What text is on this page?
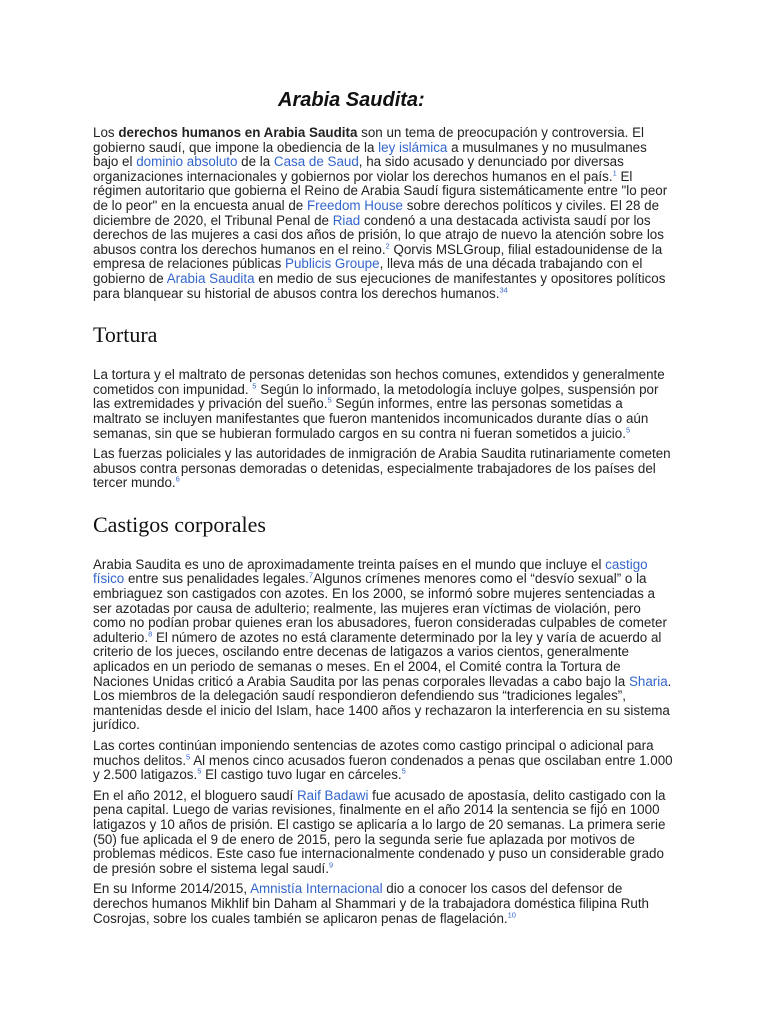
Arabia Saudita:

Los derechos humanos en Arabia Saudita son un tema de preocupación y controversia. El gobierno saudí, que impone la obediencia de la ley islámica a musulmanes y no musulmanes bajo el dominio absoluto de la Casa de Saud, ha sido acusado y denunciado por diversas organizaciones internacionales y gobiernos por violar los derechos humanos en el país.$^1$ El régimen autoritario que gobierna el Reino de Arabia Saudí figura sistemáticamente entre "lo peor de lo peor" en la encuesta anual de Freedom House sobre derechos políticos y civiles. El 28 de diciembre de 2020, el Tribunal Penal de Riad condenó a una destacada activista saudí por los derechos de las mujeres a casi dos años de prisión, lo que atrajo de nuevo la atención sobre los abusos contra los derechos humanos en el reino.$^2$ Qorvis MSLGroup, filial estadounidense de la empresa de relaciones públicas Publicis Groupe, lleva más de una década trabajando con el gobierno de Arabia Saudita en medio de sus ejecuciones de manifestantes y opositores políticos para blanquear su historial de abusos contra los derechos humanos.$^{34}$

Tortura

La tortura y el maltrato de personas detenidas son hechos comunes, extendidos y generalmente cometidos con impunidad. $^5$ Según lo informado, la metodología incluye golpes, suspensión por las extremidades y privación del sueño.$^5$ Según informes, entre las personas sometidas a maltrato se incluyen manifestantes que fueron mantenidos incomunicados durante días o aún semanas, sin que se hubieran formulado cargos en su contra ni fueran sometidos a juicio.$^5$

Las fuerzas policiales y las autoridades de inmigración de Arabia Saudita rutinariamente cometen abusos contra personas demoradas o detenidas, especialmente trabajadores de los países del tercer mundo.$^6$

Castigos corporales

Arabia Saudita es uno de aproximadamente treinta países en el mundo que incluye el castigo físico entre sus penalidades legales.$^7$Algunos crímenes menores como el “desvío sexual” o la embriaguez son castigados con azotes. En los 2000, se informó sobre mujeres sentenciadas a ser azotadas por causa de adulterio; realmente, las mujeres eran víctimas de violación, pero como no podían probar quienes eran los abusadores, fueron consideradas culpables de cometer adulterio.$^8$ El número de azotes no está claramente determinado por la ley y varía de acuerdo al criterio de los jueces, oscilando entre decenas de latigazos a varios cientos, generalmente aplicados en un periodo de semanas o meses. En el 2004, el Comité contra la Tortura de Naciones Unidas criticó a Arabia Saudita por las penas corporales llevadas a cabo bajo la Sharia. Los miembros de la delegación saudí respondieron defendiendo sus “tradiciones legales”, mantenidas desde el inicio del Islam, hace 1400 años y rechazaron la interferencia en su sistema jurídico.

Las cortes continúan imponiendo sentencias de azotes como castigo principal o adicional para muchos delitos.$^5$ Al menos cinco acusados fueron condenados a penas que oscilaban entre 1.000 y 2.500 latigazos.$^5$ El castigo tuvo lugar en cárceles.$^5$

En el año 2012, el bloguero saudí Raif Badawi fue acusado de apostasía, delito castigado con la pena capital. Luego de varias revisiones, finalmente en el año 2014 la sentencia se fijó en 1000 latigazos y 10 años de prisión. El castigo se aplicaría a lo largo de 20 semanas. La primera serie (50) fue aplicada el 9 de enero de 2015, pero la segunda serie fue aplazada por motivos de problemas médicos. Este caso fue internacionalmente condenado y puso un considerable grado de presión sobre el sistema legal saudí.$^9$

En su Informe 2014/2015, Amnistía Internacional dio a conocer los casos del defensor de derechos humanos Mikhlif bin Daham al Shammari y de la trabajadora doméstica filipina Ruth Cosrojas, sobre los cuales también se aplicaron penas de flagelación.$^{10}$
